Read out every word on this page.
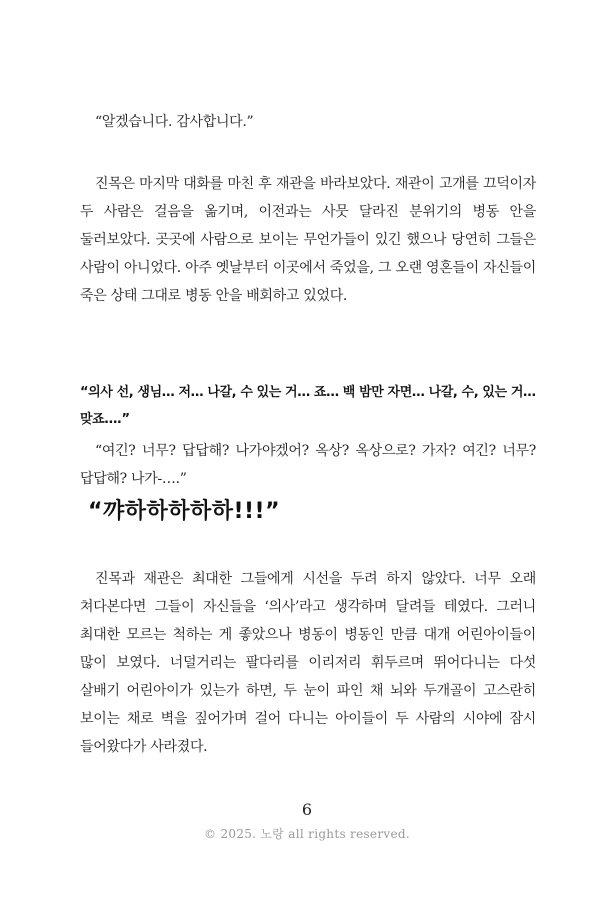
“알겠습니다. 감사합니다.”

진목은 마지막 대화를 마친 후 재관을 바라보았다. 재관이 고개를 끄덕이자 두 사람은 걸음을 옮기며, 이전과는 사뭇 달라진 분위기의 병동 안을 둘러보았다. 곳곳에 사람으로 보이는 무언가들이 있긴 했으나 당연히 그들은 사람이 아니었다. 아주 옛날부터 이곳에서 죽었을, 그 오랜 영혼들이 자신들이 죽은 상태 그대로 병동 안을 배회하고 있었다.

“의사 선, 생님… 저… 나갈, 수 있는 거… 죠… 백 밤만 자면… 나갈, 수, 있는 거… 맞죠….”

“여긴? 너무? 답답해? 나가야겠어? 옥상? 옥상으로? 가자? 여긴? 너무? 답답해? 나가-….”

“꺄하하하하하!!!”

진목과 재관은 최대한 그들에게 시선을 두려 하지 않았다. 너무 오래 쳐다본다면 그들이 자신들을 ‘의사’라고 생각하며 달려들 테였다. 그러니 최대한 모르는 척하는 게 좋았으나 병동이 병동인 만큼 대개 어린아이들이 많이 보였다. 너덜거리는 팔다리를 이리저리 휘두르며 뛰어다니는 다섯 살배기 어린아이가 있는가 하면, 두 눈이 파인 채 뇌와 두개골이 고스란히 보이는 채로 벽을 짚어가며 걸어 다니는 아이들이 두 사람의 시야에 잠시 들어왔다가 사라졌다.

6

© 2025. 노랑 all rights reserved.
